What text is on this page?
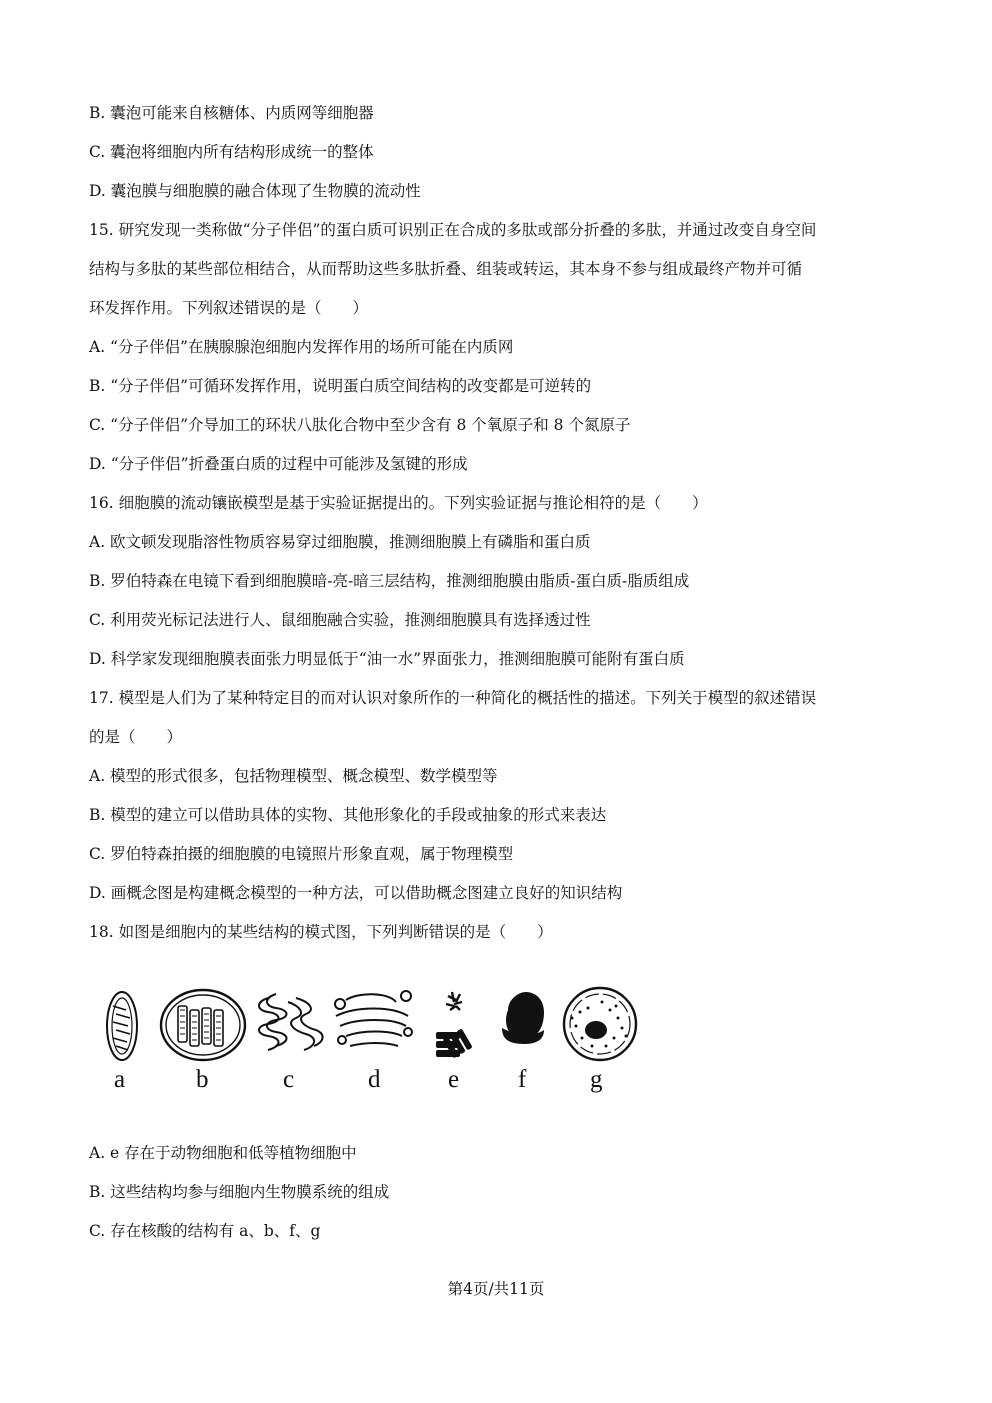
B. 囊泡可能来自核糖体、内质网等细胞器
C. 囊泡将细胞内所有结构形成统一的整体
D. 囊泡膜与细胞膜的融合体现了生物膜的流动性
15. 研究发现一类称做“分子伴侣”的蛋白质可识别正在合成的多肽或部分折叠的多肽，并通过改变自身空间
结构与多肽的某些部位相结合，从而帮助这些多肽折叠、组装或转运，其本身不参与组成最终产物并可循
环发挥作用。下列叙述错误的是（　　）
A. “分子伴侣”在胰腺腺泡细胞内发挥作用的场所可能在内质网
B. “分子伴侣”可循环发挥作用，说明蛋白质空间结构的改变都是可逆转的
C. “分子伴侣”介导加工的环状八肽化合物中至少含有 8 个氧原子和 8 个氮原子
D. “分子伴侣”折叠蛋白质的过程中可能涉及氢键的形成
16. 细胞膜的流动镶嵌模型是基于实验证据提出的。下列实验证据与推论相符的是（　　）
A. 欧文顿发现脂溶性物质容易穿过细胞膜，推测细胞膜上有磷脂和蛋白质
B. 罗伯特森在电镜下看到细胞膜暗-亮-暗三层结构，推测细胞膜由脂质-蛋白质-脂质组成
C. 利用荧光标记法进行人、鼠细胞融合实验，推测细胞膜具有选择透过性
D. 科学家发现细胞膜表面张力明显低于“油一水”界面张力，推测细胞膜可能附有蛋白质
17. 模型是人们为了某种特定目的而对认识对象所作的一种简化的概括性的描述。下列关于模型的叙述错误
的是（　　）
A. 模型的形式很多，包括物理模型、概念模型、数学模型等
B. 模型的建立可以借助具体的实物、其他形象化的手段或抽象的形式来表达
C. 罗伯特森拍摄的细胞膜的电镜照片形象直观，属于物理模型
D. 画概念图是构建概念模型的一种方法，可以借助概念图建立良好的知识结构
18. 如图是细胞内的某些结构的模式图，下列判断错误的是（　　）
a	b	c	d	e f	g
A. e 存在于动物细胞和低等植物细胞中
B. 这些结构均参与细胞内生物膜系统的组成
C. 存在核酸的结构有 a、b、f、g
第4页/共11页
